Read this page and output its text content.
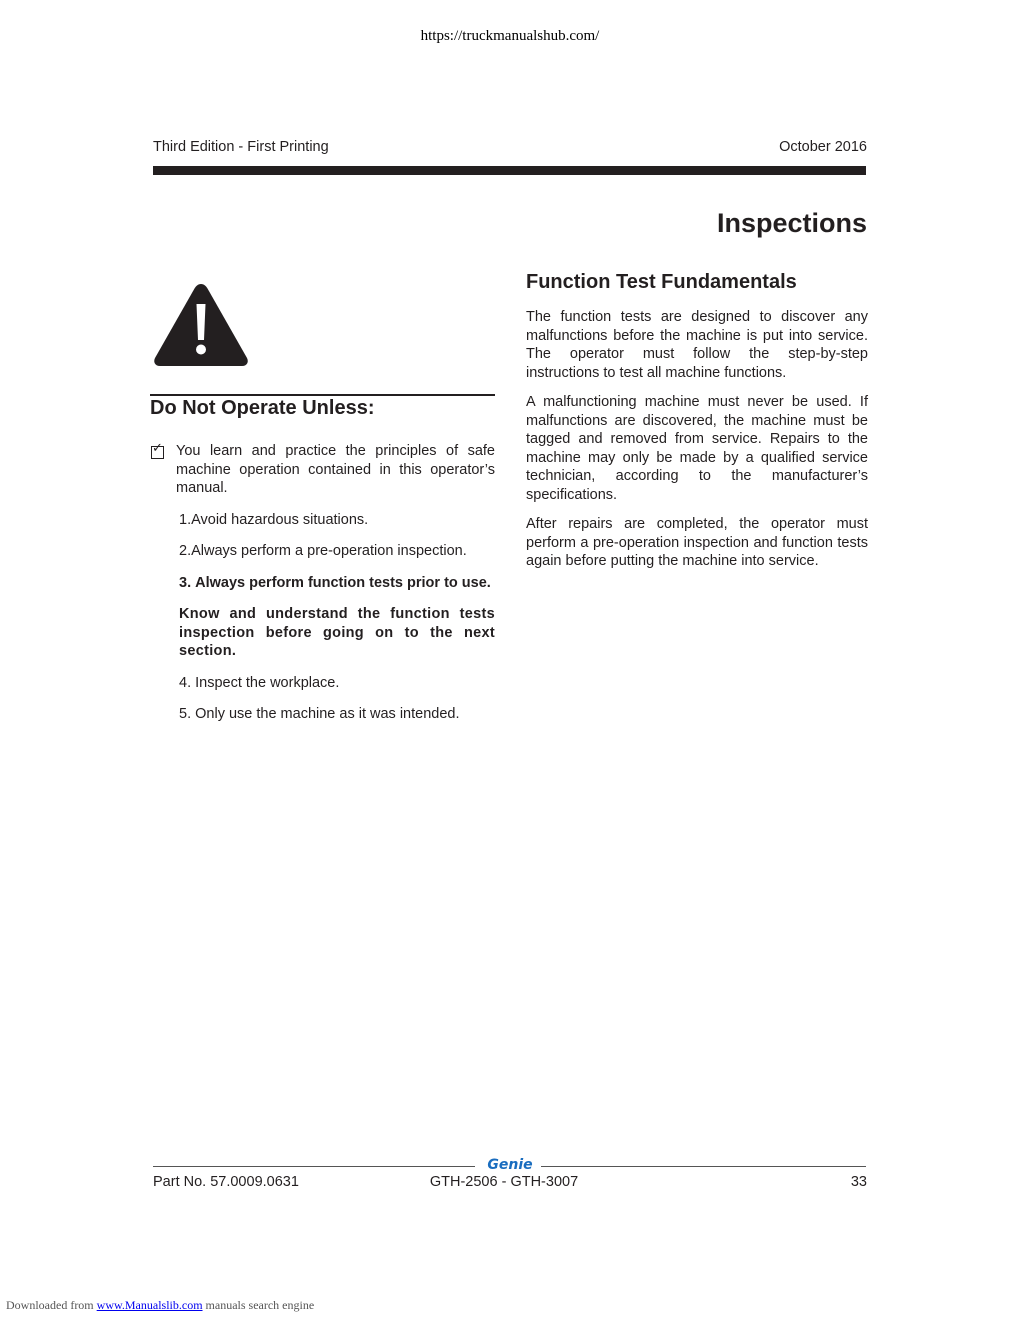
https://truckmanualshub.com/
Third Edition - First Printing	October 2016
Inspections
Do Not Operate Unless:
✓ You learn and practice the principles of safe machine operation contained in this operator’s manual.
1.Avoid hazardous situations.
2.Always perform a pre-operation inspection.
3. Always perform function tests prior to use.
Know and understand the function tests inspection before going on to the next section.
4. Inspect the workplace.
5. Only use the machine as it was intended.
Function Test Fundamentals

The function tests are designed to discover any malfunctions before the machine is put into service. The operator must follow the step-by-step instructions to test all machine functions.

A malfunctioning machine must never be used. If malfunctions are discovered, the machine must be tagged and removed from service. Repairs to the machine may only be made by a qualified service technician, according to the manufacturer’s specifications.

After repairs are completed, the operator must perform a pre-operation inspection and function tests again before putting the machine into service.

Genie
Part No. 57.0009.0631	GTH-2506 - GTH-3007	33
Downloaded from www.Manualslib.com manuals search engine
